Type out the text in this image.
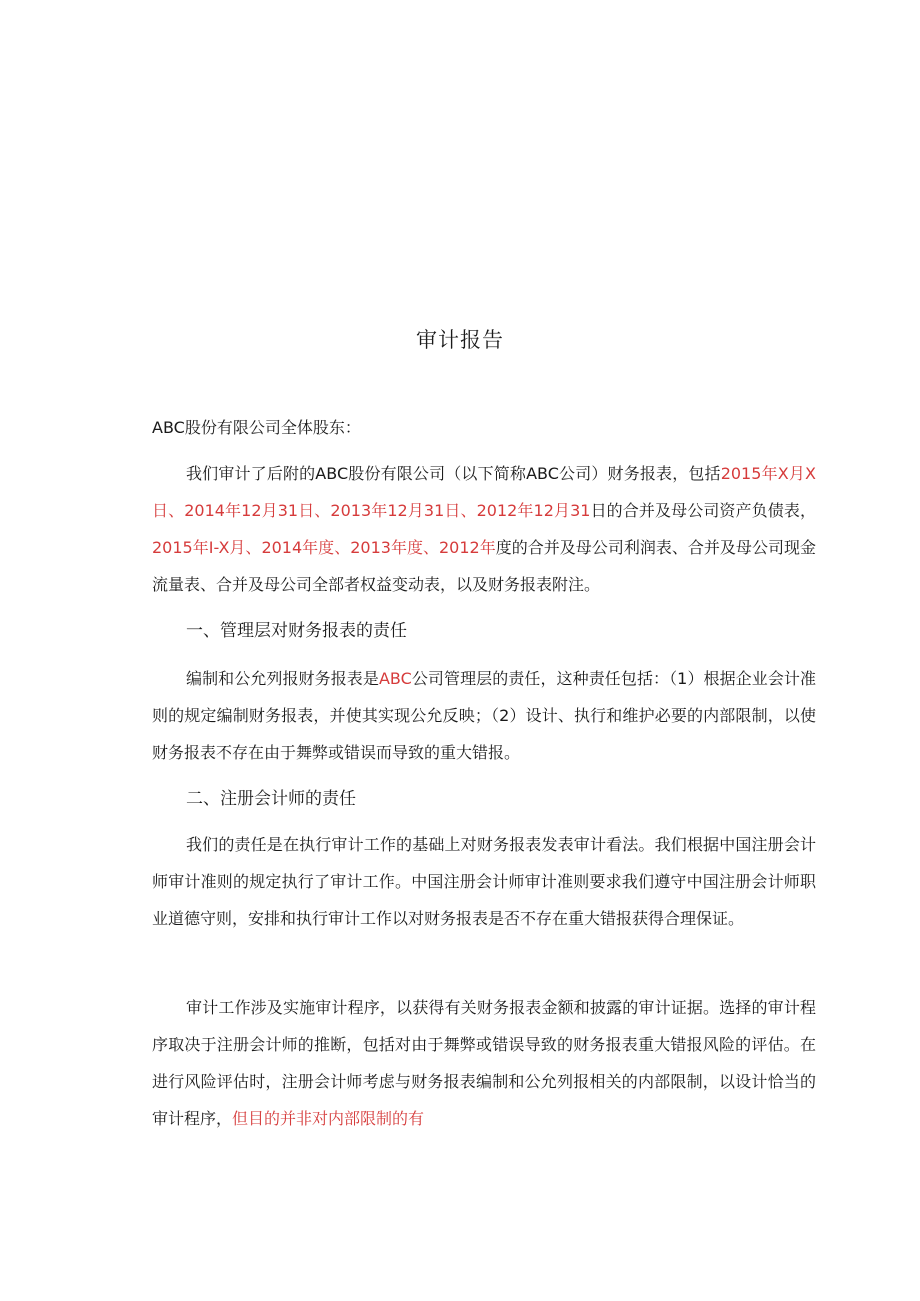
审计报告
ABC股份有限公司全体股东：

我们审计了后附的ABC股份有限公司（以下简称ABC公司）财务报表，包括2015年X月X日、2014年12月31日、2013年12月31日、2012年12月31日的合并及母公司资产负债表，2015年I-X月、2014年度、2013年度、2012年度的合并及母公司利润表、合并及母公司现金流量表、合并及母公司全部者权益变动表，以及财务报表附注。

一、管理层对财务报表的责任

编制和公允列报财务报表是ABC公司管理层的责任，这种责任包括：（1）根据企业会计准则的规定编制财务报表，并使其实现公允反映；（2）设计、执行和维护必要的内部限制，以使财务报表不存在由于舞弊或错误而导致的重大错报。

二、注册会计师的责任

我们的责任是在执行审计工作的基础上对财务报表发表审计看法。我们根据中国注册会计师审计准则的规定执行了审计工作。中国注册会计师审计准则要求我们遵守中国注册会计师职业道德守则，安排和执行审计工作以对财务报表是否不存在重大错报获得合理保证。

审计工作涉及实施审计程序，以获得有关财务报表金额和披露的审计证据。选择的审计程序取决于注册会计师的推断，包括对由于舞弊或错误导致的财务报表重大错报风险的评估。在进行风险评估时，注册会计师考虑与财务报表编制和公允列报相关的内部限制，以设计恰当的审计程序，但目的并非对内部限制的有
